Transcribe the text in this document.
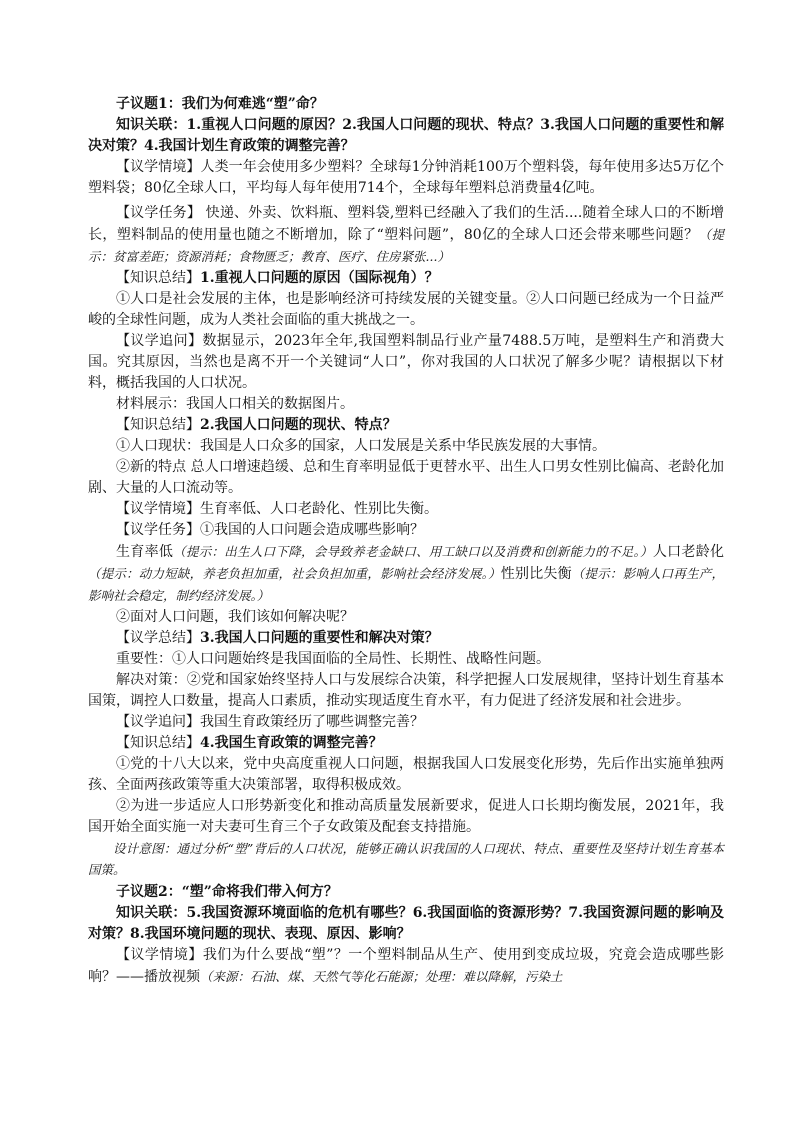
子议题1：我们为何难逃“塑”命？

知识关联：1.重视人口问题的原因？2.我国人口问题的现状、特点？3.我国人口问题的重要性和解决对策？4.我国计划生育政策的调整完善？

【议学情境】人类一年会使用多少塑料？全球每1分钟消耗100万个塑料袋，每年使用多达5万亿个塑料袋；80亿全球人口，平均每人每年使用714个，全球每年塑料总消费量4亿吨。

【议学任务】 快递、外卖、饮料瓶、塑料袋,塑料已经融入了我们的生活....随着全球人口的不断增长，塑料制品的使用量也随之不断增加，除了“塑料问题”，80亿的全球人口还会带来哪些问题？（提示：贫富差距；资源消耗；食物匮乏；教育、医疗、住房紧张...）

【知识总结】1.重视人口问题的原因（国际视角）？

①人口是社会发展的主体，也是影响经济可持续发展的关键变量。②人口问题已经成为一个日益严峻的全球性问题，成为人类社会面临的重大挑战之一。

【议学追问】数据显示，2023年全年,我国塑料制品行业产量7488.5万吨，是塑料生产和消费大国。究其原因，当然也是离不开一个关键词“人口”，你对我国的人口状况了解多少呢？请根据以下材料，概括我国的人口状况。

材料展示：我国人口相关的数据图片。

【知识总结】2.我国人口问题的现状、特点？

①人口现状：我国是人口众多的国家，人口发展是关系中华民族发展的大事情。

②新的特点 总人口增速趋缓、总和生育率明显低于更替水平、出生人口男女性别比偏高、老龄化加剧、大量的人口流动等。

【议学情境】生育率低、人口老龄化、性别比失衡。

【议学任务】①我国的人口问题会造成哪些影响？

生育率低（提示：出生人口下降，会导致养老金缺口、用工缺口以及消费和创新能力的不足。）人口老龄化（提示：动力短缺，养老负担加重，社会负担加重，影响社会经济发展。）性别比失衡（提示：影响人口再生产，影响社会稳定，制约经济发展。）

②面对人口问题，我们该如何解决呢？

【议学总结】3.我国人口问题的重要性和解决对策？

重要性：①人口问题始终是我国面临的全局性、长期性、战略性问题。

解决对策：②党和国家始终坚持人口与发展综合决策，科学把握人口发展规律，坚持计划生育基本国策，调控人口数量，提高人口素质，推动实现适度生育水平，有力促进了经济发展和社会进步。

【议学追问】我国生育政策经历了哪些调整完善？

【知识总结】4.我国生育政策的调整完善？

①党的十八大以来，党中央高度重视人口问题，根据我国人口发展变化形势，先后作出实施单独两孩、全面两孩政策等重大决策部署，取得积极成效。

②为进一步适应人口形势新变化和推动高质量发展新要求，促进人口长期均衡发展，2021年，我国开始全面实施一对夫妻可生育三个子女政策及配套支持措施。

设计意图：通过分析“塑”背后的人口状况，能够正确认识我国的人口现状、特点、重要性及坚持计划生育基本国策。

子议题2：“塑”命将我们带入何方？

知识关联：5.我国资源环境面临的危机有哪些？6.我国面临的资源形势？7.我国资源问题的影响及对策？8.我国环境问题的现状、表现、原因、影响？

【议学情境】我们为什么要战“塑”？一个塑料制品从生产、使用到变成垃圾，究竟会造成哪些影响？——播放视频（来源：石油、煤、天然气等化石能源；处理：难以降解，污染土
